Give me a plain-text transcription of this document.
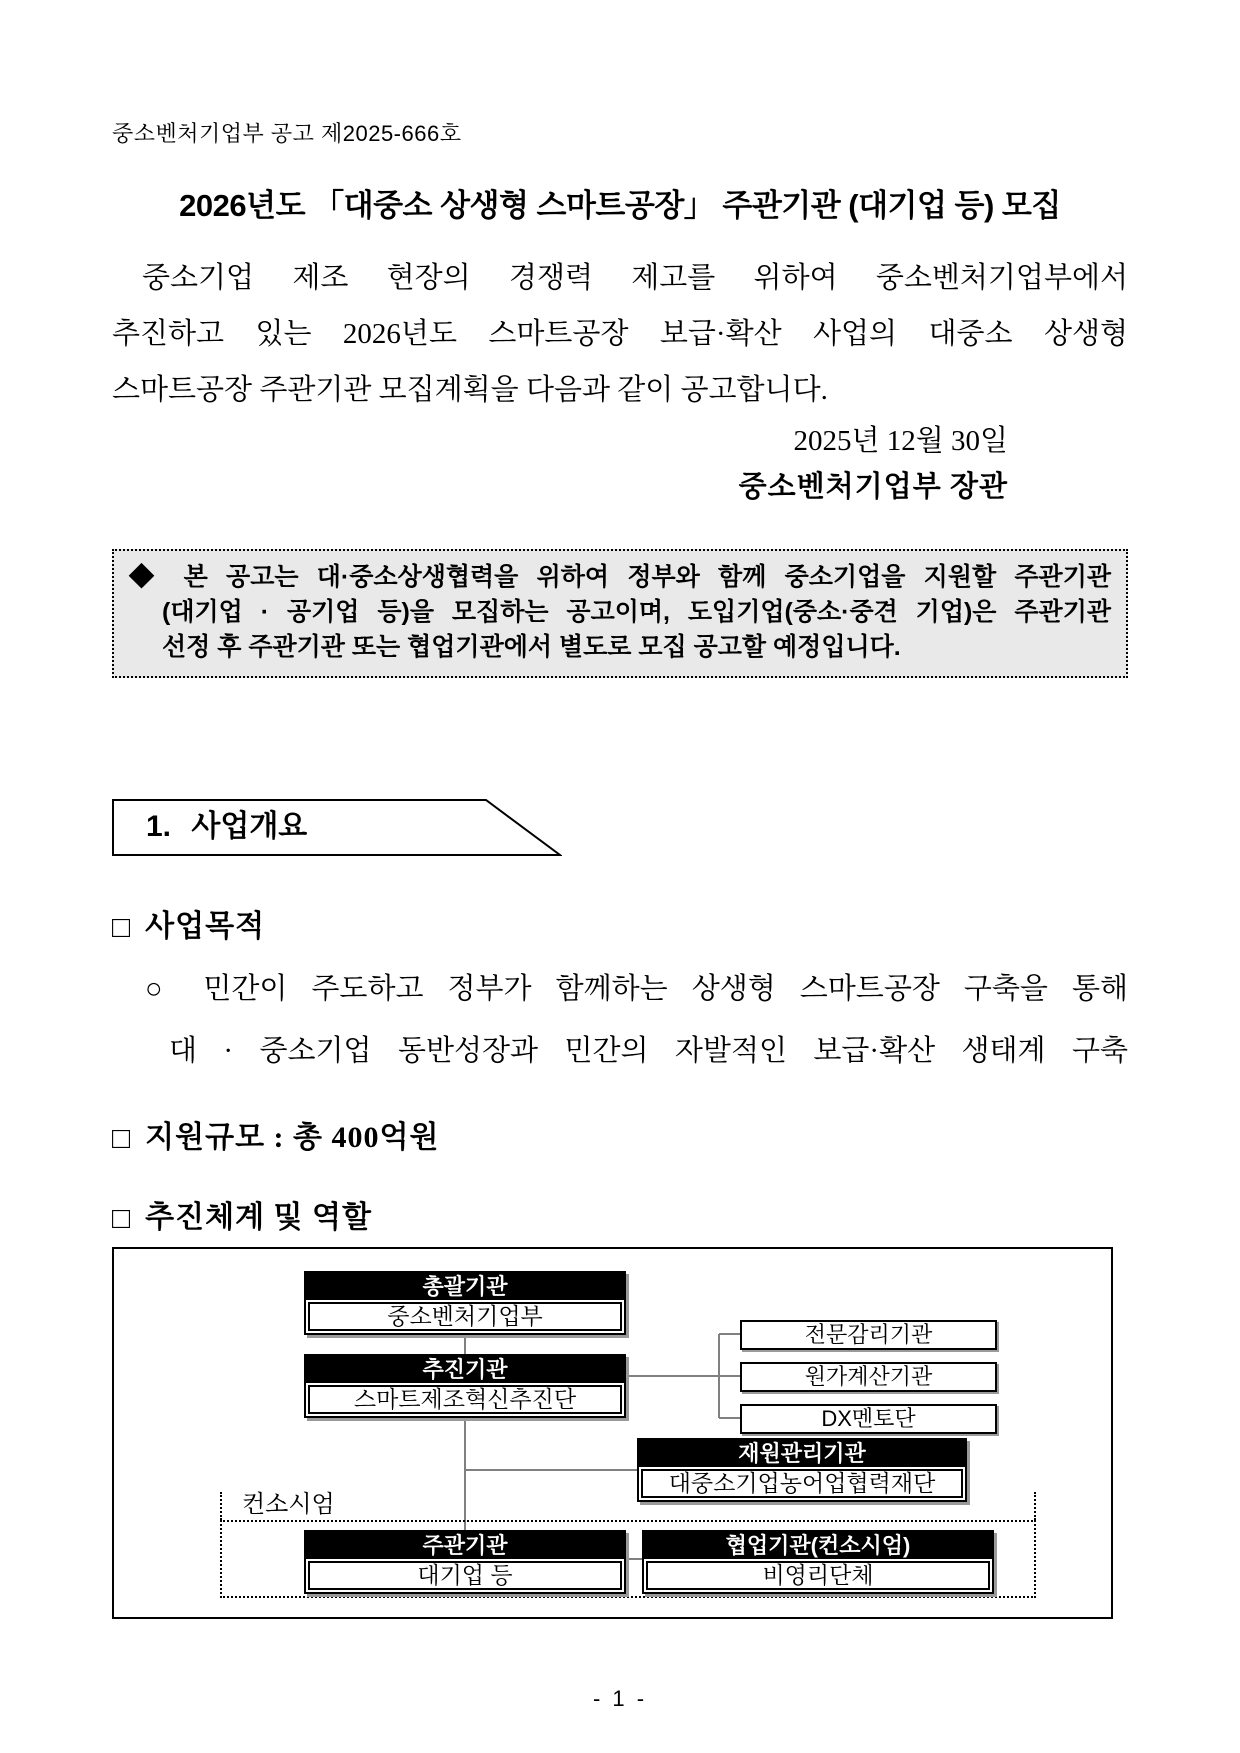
중소벤처기업부 공고 제2025-666호
2026년도 「대중소 상생형 스마트공장」 주관기관 (대기업 등) 모집
중소기업 제조 현장의 경쟁력 제고를 위하여 중소벤처기업부에서
추진하고 있는 2026년도 스마트공장 보급·확산 사업의 대중소 상생형
스마트공장 주관기관 모집계획을 다음과 같이 공고합니다.
2025년 12월 30일
중소벤처기업부 장관
◆ 본 공고는 대·중소상생협력을 위하여 정부와 함께 중소기업을 지원할 주관기관
(대기업 · 공기업 등)을 모집하는 공고이며, 도입기업(중소·중견 기업)은 주관기관
선정 후 주관기관 또는 협업기관에서 별도로 모집 공고할 예정입니다.
1. 사업개요
□ 사업목적
○ 민간이 주도하고 정부가 함께하는 상생형 스마트공장 구축을 통해
대 · 중소기업 동반성장과 민간의 자발적인 보급·확산 생태계 구축
□ 지원규모 : 총 400억원
□ 추진체계 및 역할
총괄기관
중소벤처기업부
추진기관
스마트제조혁신추진단
전문감리기관
원가계산기관
DX멘토단
재원관리기관
대중소기업농어업협력재단
컨소시엄
주관기관
대기업 등
협업기관(컨소시엄)
비영리단체
- 1 -
